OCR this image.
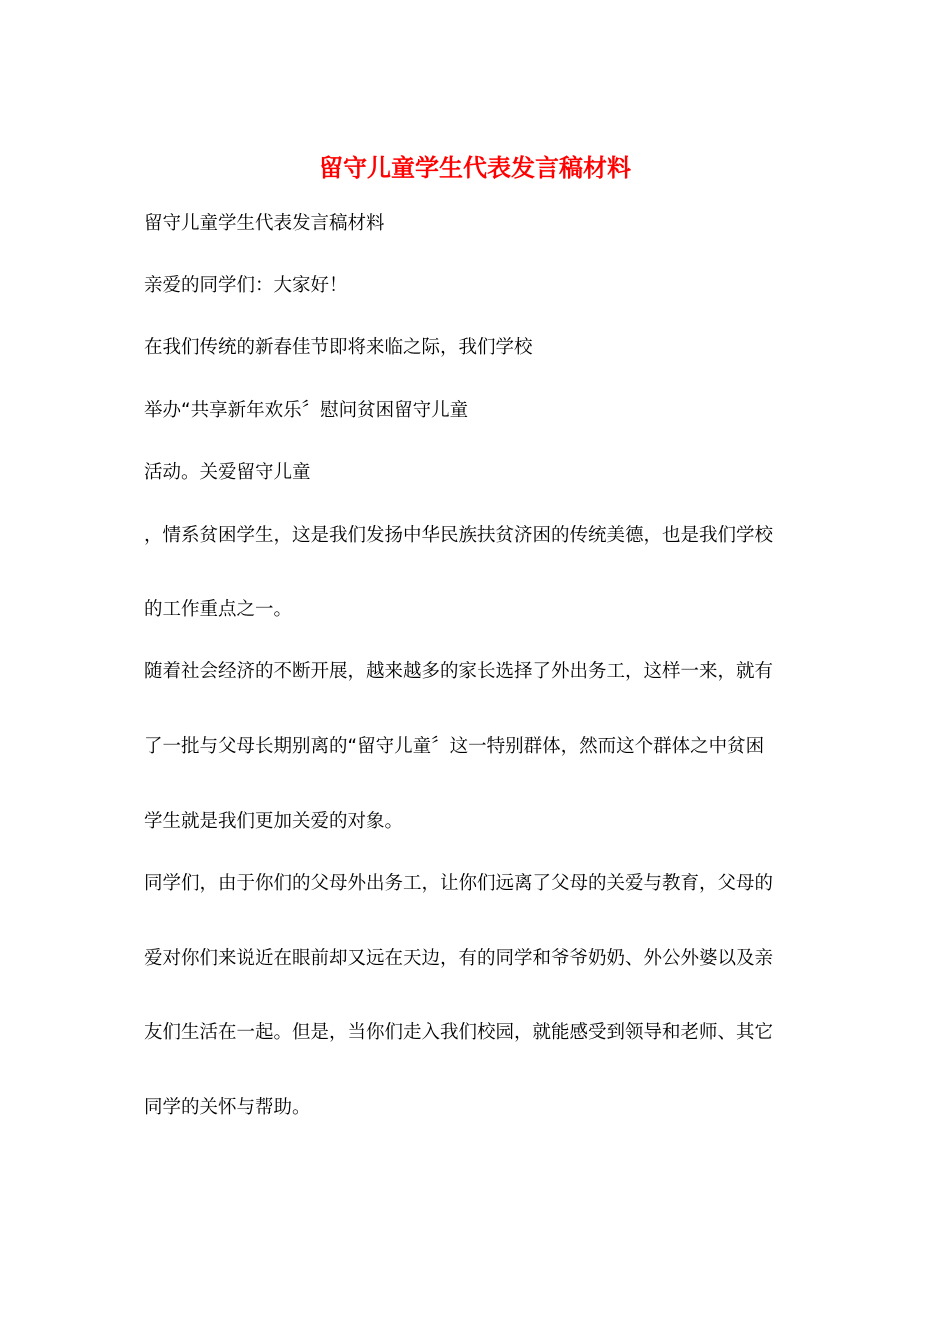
留守儿童学生代表发言稿材料

留守儿童学生代表发言稿材料

亲爱的同学们：大家好！

在我们传统的新春佳节即将来临之际，我们学校

举办“共享新年欢乐〞慰问贫困留守儿童

活动。关爱留守儿童

，情系贫困学生，这是我们发扬中华民族扶贫济困的传统美德，也是我们学校

的工作重点之一。

随着社会经济的不断开展，越来越多的家长选择了外出务工，这样一来，就有

了一批与父母长期别离的“留守儿童〞这一特别群体，然而这个群体之中贫困

学生就是我们更加关爱的对象。

同学们，由于你们的父母外出务工，让你们远离了父母的关爱与教育，父母的

爱对你们来说近在眼前却又远在天边，有的同学和爷爷奶奶、外公外婆以及亲

友们生活在一起。但是，当你们走入我们校园，就能感受到领导和老师、其它

同学的关怀与帮助。
